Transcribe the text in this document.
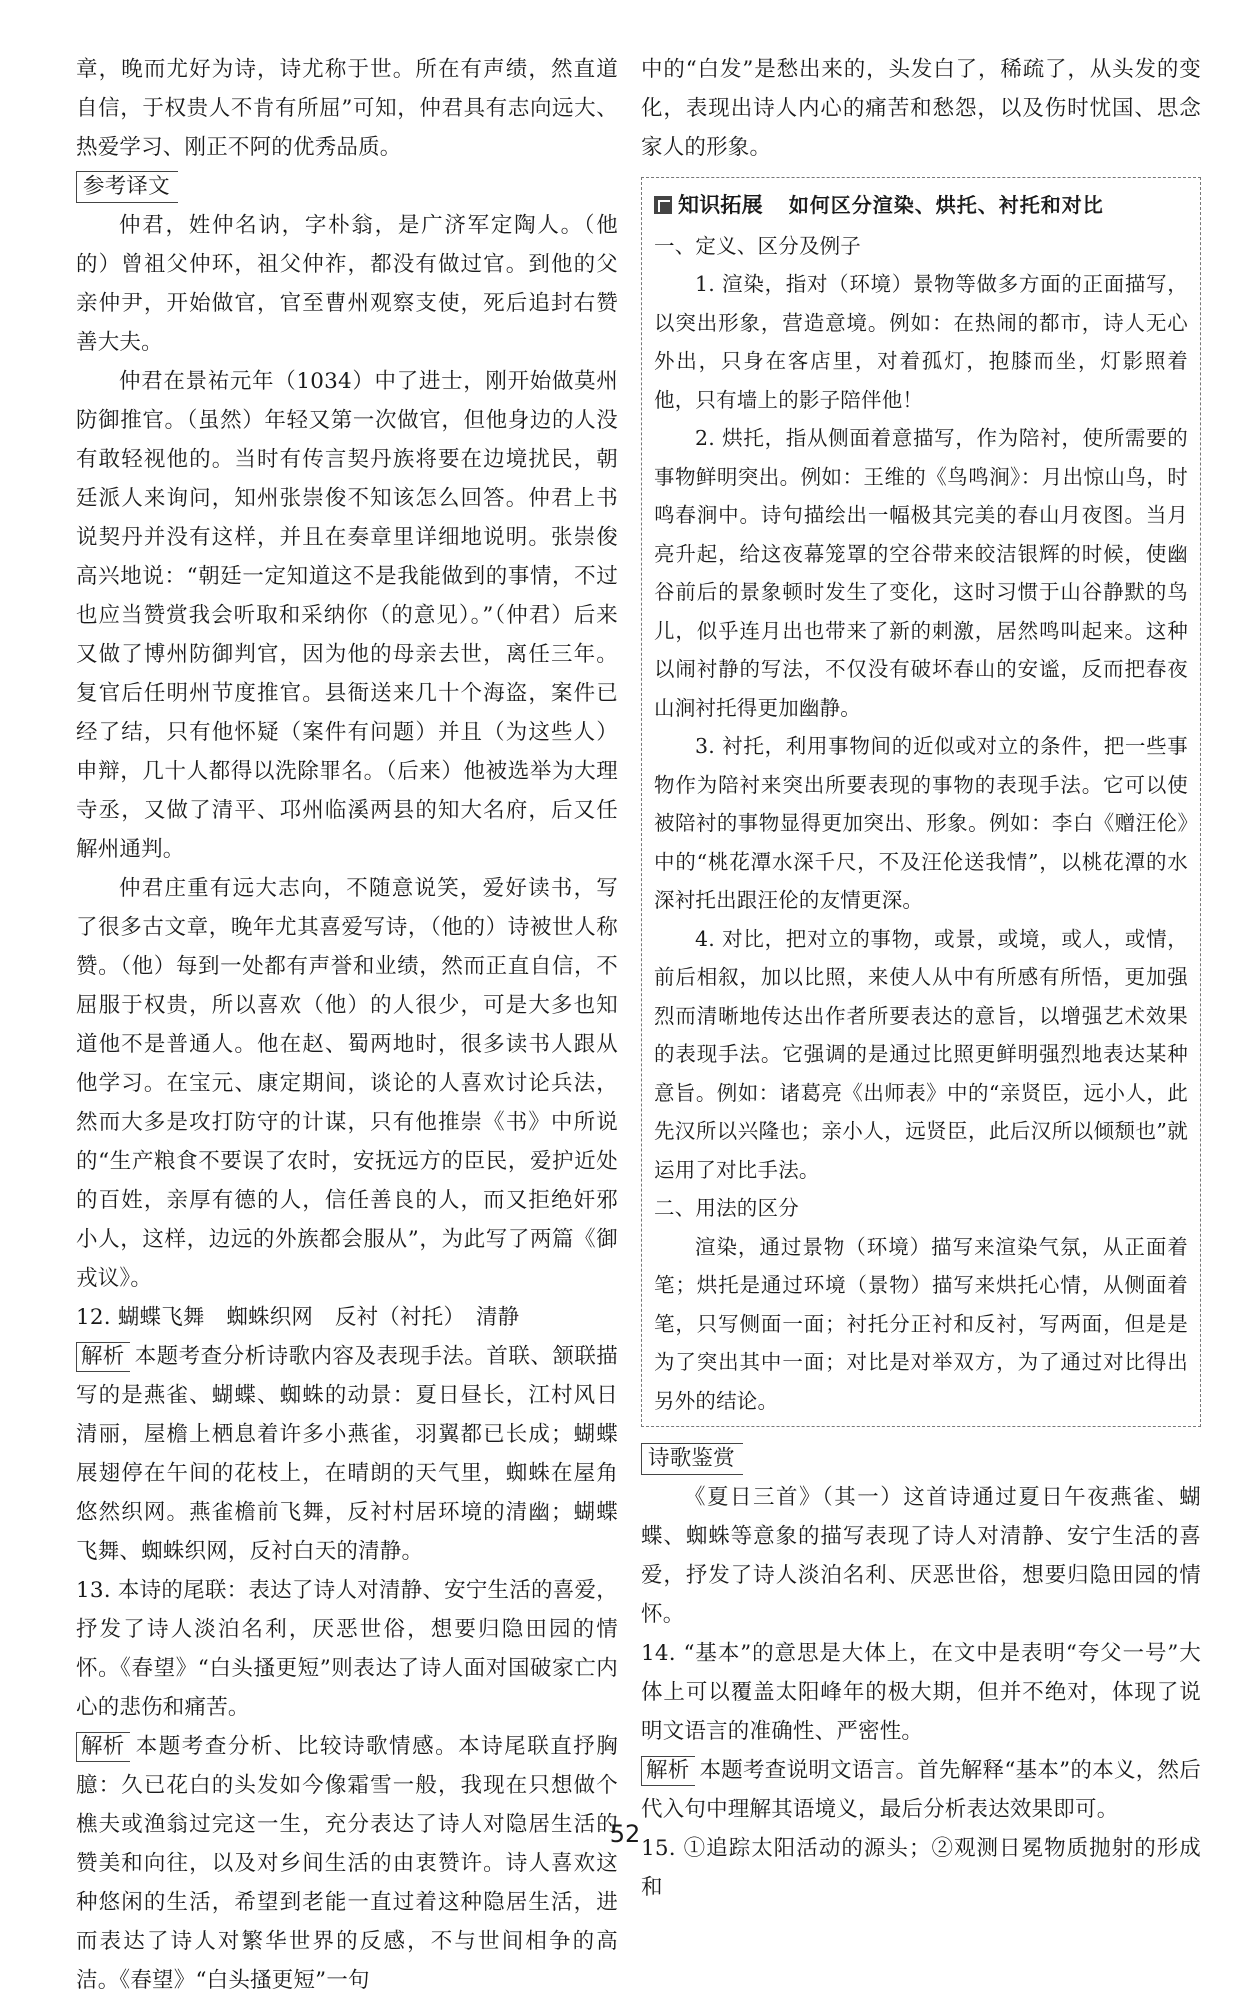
章，晚而尤好为诗，诗尤称于世。所在有声绩，然直道自信，于权贵人不肯有所屈”可知，仲君具有志向远大、热爱学习、刚正不阿的优秀品质。

参考译文

仲君，姓仲名讷，字朴翁，是广济军定陶人。（他的）曾祖父仲环，祖父仲祚，都没有做过官。到他的父亲仲尹，开始做官，官至曹州观察支使，死后追封右赞善大夫。

仲君在景祐元年（1034）中了进士，刚开始做莫州防御推官。（虽然）年轻又第一次做官，但他身边的人没有敢轻视他的。当时有传言契丹族将要在边境扰民，朝廷派人来询问，知州张崇俊不知该怎么回答。仲君上书说契丹并没有这样，并且在奏章里详细地说明。张崇俊高兴地说：“朝廷一定知道这不是我能做到的事情，不过也应当赞赏我会听取和采纳你（的意见）。”（仲君）后来又做了博州防御判官，因为他的母亲去世，离任三年。复官后任明州节度推官。县衙送来几十个海盗，案件已经了结，只有他怀疑（案件有问题）并且（为这些人）申辩，几十人都得以洗除罪名。（后来）他被选举为大理寺丞，又做了清平、邛州临溪两县的知大名府，后又任解州通判。

仲君庄重有远大志向，不随意说笑，爱好读书，写了很多古文章，晚年尤其喜爱写诗，（他的）诗被世人称赞。（他）每到一处都有声誉和业绩，然而正直自信，不屈服于权贵，所以喜欢（他）的人很少，可是大多也知道他不是普通人。他在赵、蜀两地时，很多读书人跟从他学习。在宝元、康定期间，谈论的人喜欢讨论兵法，然而大多是攻打防守的计谋，只有他推崇《书》中所说的“生产粮食不要误了农时，安抚远方的臣民，爱护近处的百姓，亲厚有德的人，信任善良的人，而又拒绝奸邪小人，这样，边远的外族都会服从”，为此写了两篇《御戎议》。

12. 蝴蝶飞舞　蜘蛛织网　反衬（衬托）　清静

解析 本题考查分析诗歌内容及表现手法。首联、颔联描写的是燕雀、蝴蝶、蜘蛛的动景：夏日昼长，江村风日清丽，屋檐上栖息着许多小燕雀，羽翼都已长成；蝴蝶展翅停在午间的花枝上，在晴朗的天气里，蜘蛛在屋角悠然织网。燕雀檐前飞舞，反衬村居环境的清幽；蝴蝶飞舞、蜘蛛织网，反衬白天的清静。

13. 本诗的尾联：表达了诗人对清静、安宁生活的喜爱，抒发了诗人淡泊名利，厌恶世俗，想要归隐田园的情怀。《春望》“白头搔更短”则表达了诗人面对国破家亡内心的悲伤和痛苦。

解析 本题考查分析、比较诗歌情感。本诗尾联直抒胸臆：久已花白的头发如今像霜雪一般，我现在只想做个樵夫或渔翁过完这一生，充分表达了诗人对隐居生活的赞美和向往，以及对乡间生活的由衷赞许。诗人喜欢这种悠闲的生活，希望到老能一直过着这种隐居生活，进而表达了诗人对繁华世界的反感，不与世间相争的高洁。《春望》“白头搔更短”一句

中的“白发”是愁出来的，头发白了，稀疏了，从头发的变化，表现出诗人内心的痛苦和愁怨，以及伤时忧国、思念家人的形象。

知识拓展 如何区分渲染、烘托、衬托和对比

一、定义、区分及例子

1. 渲染，指对（环境）景物等做多方面的正面描写，以突出形象，营造意境。例如：在热闹的都市，诗人无心外出，只身在客店里，对着孤灯，抱膝而坐，灯影照着他，只有墙上的影子陪伴他！

2. 烘托，指从侧面着意描写，作为陪衬，使所需要的事物鲜明突出。例如：王维的《鸟鸣涧》：月出惊山鸟，时鸣春涧中。诗句描绘出一幅极其完美的春山月夜图。当月亮升起，给这夜幕笼罩的空谷带来皎洁银辉的时候，使幽谷前后的景象顿时发生了变化，这时习惯于山谷静默的鸟儿，似乎连月出也带来了新的刺激，居然鸣叫起来。这种以闹衬静的写法，不仅没有破坏春山的安谧，反而把春夜山涧衬托得更加幽静。

3. 衬托，利用事物间的近似或对立的条件，把一些事物作为陪衬来突出所要表现的事物的表现手法。它可以使被陪衬的事物显得更加突出、形象。例如：李白《赠汪伦》中的“桃花潭水深千尺，不及汪伦送我情”，以桃花潭的水深衬托出跟汪伦的友情更深。

4. 对比，把对立的事物，或景，或境，或人，或情，前后相叙，加以比照，来使人从中有所感有所悟，更加强烈而清晰地传达出作者所要表达的意旨，以增强艺术效果的表现手法。它强调的是通过比照更鲜明强烈地表达某种意旨。例如：诸葛亮《出师表》中的“亲贤臣，远小人，此先汉所以兴隆也；亲小人，远贤臣，此后汉所以倾颓也”就运用了对比手法。

二、用法的区分

渲染，通过景物（环境）描写来渲染气氛，从正面着笔；烘托是通过环境（景物）描写来烘托心情，从侧面着笔，只写侧面一面；衬托分正衬和反衬，写两面，但是是为了突出其中一面；对比是对举双方，为了通过对比得出另外的结论。

诗歌鉴赏

《夏日三首》（其一）这首诗通过夏日午夜燕雀、蝴蝶、蜘蛛等意象的描写表现了诗人对清静、安宁生活的喜爱，抒发了诗人淡泊名利、厌恶世俗，想要归隐田园的情怀。

14. “基本”的意思是大体上，在文中是表明“夸父一号”大体上可以覆盖太阳峰年的极大期，但并不绝对，体现了说明文语言的准确性、严密性。

解析 本题考查说明文语言。首先解释“基本”的本义，然后代入句中理解其语境义，最后分析表达效果即可。

15. ①追踪太阳活动的源头；②观测日冕物质抛射的形成和

52
